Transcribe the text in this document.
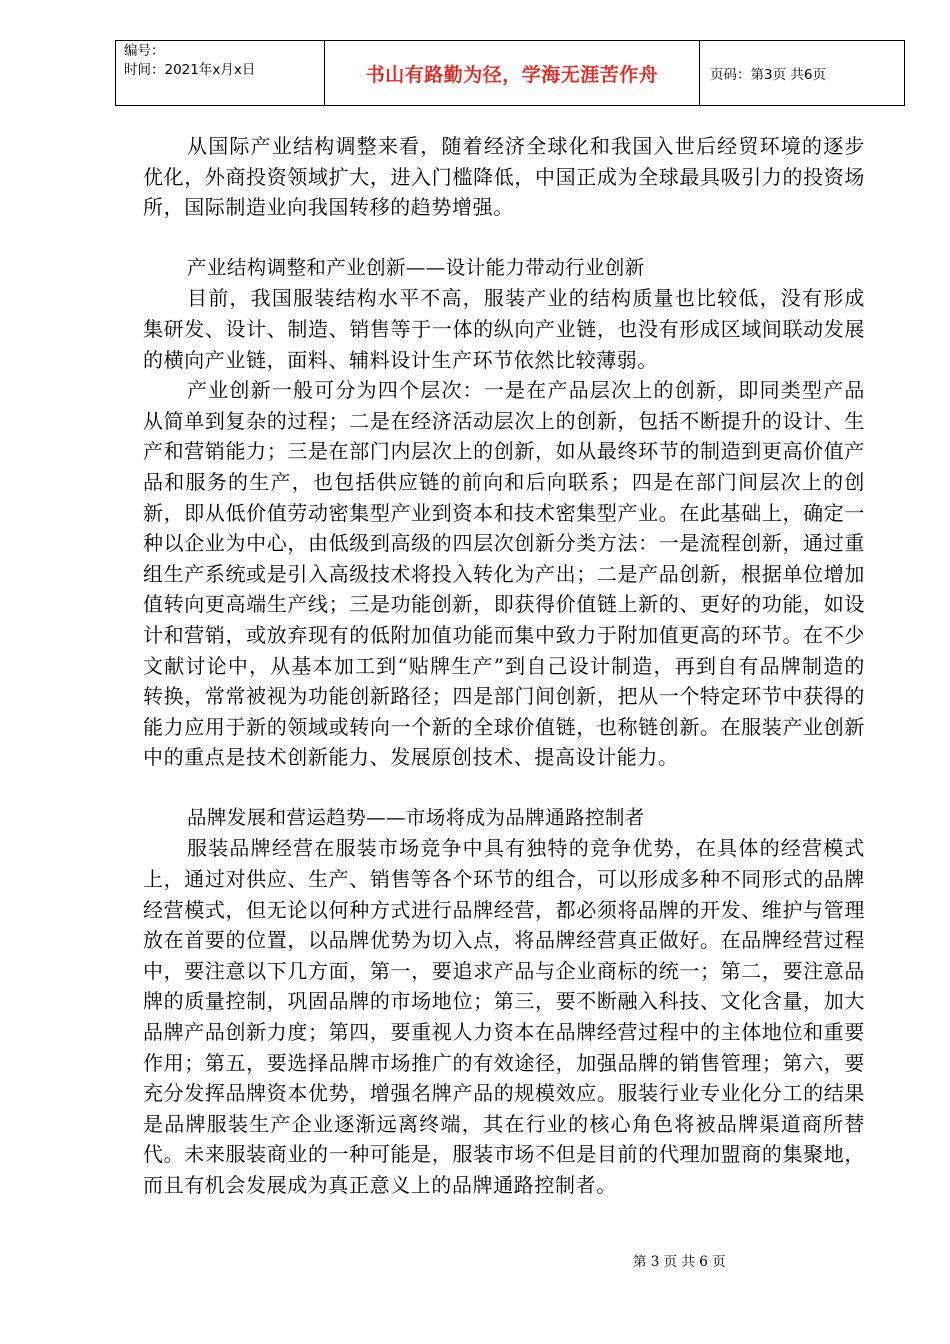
编号：
时间：2021年x月x日	书山有路勤为径，学海无涯苦作舟	页码：第3页 共6页

从国际产业结构调整来看，随着经济全球化和我国入世后经贸环境的逐步优化，外商投资领域扩大，进入门槛降低，中国正成为全球最具吸引力的投资场所，国际制造业向我国转移的趋势增强。

产业结构调整和产业创新——设计能力带动行业创新

目前，我国服装结构水平不高，服装产业的结构质量也比较低，没有形成集研发、设计、制造、销售等于一体的纵向产业链，也没有形成区域间联动发展的横向产业链，面料、辅料设计生产环节依然比较薄弱。

产业创新一般可分为四个层次：一是在产品层次上的创新，即同类型产品从简单到复杂的过程；二是在经济活动层次上的创新，包括不断提升的设计、生产和营销能力；三是在部门内层次上的创新，如从最终环节的制造到更高价值产品和服务的生产，也包括供应链的前向和后向联系；四是在部门间层次上的创新，即从低价值劳动密集型产业到资本和技术密集型产业。在此基础上，确定一种以企业为中心，由低级到高级的四层次创新分类方法：一是流程创新，通过重组生产系统或是引入高级技术将投入转化为产出；二是产品创新，根据单位增加值转向更高端生产线；三是功能创新，即获得价值链上新的、更好的功能，如设计和营销，或放弃现有的低附加值功能而集中致力于附加值更高的环节。在不少文献讨论中，从基本加工到“贴牌生产”到自己设计制造，再到自有品牌制造的转换，常常被视为功能创新路径；四是部门间创新，把从一个特定环节中获得的能力应用于新的领域或转向一个新的全球价值链，也称链创新。在服装产业创新中的重点是技术创新能力、发展原创技术、提高设计能力。

品牌发展和营运趋势——市场将成为品牌通路控制者

服装品牌经营在服装市场竞争中具有独特的竞争优势，在具体的经营模式上，通过对供应、生产、销售等各个环节的组合，可以形成多种不同形式的品牌经营模式，但无论以何种方式进行品牌经营，都必须将品牌的开发、维护与管理放在首要的位置，以品牌优势为切入点，将品牌经营真正做好。在品牌经营过程中，要注意以下几方面，第一，要追求产品与企业商标的统一；第二，要注意品牌的质量控制，巩固品牌的市场地位；第三，要不断融入科技、文化含量，加大品牌产品创新力度；第四，要重视人力资本在品牌经营过程中的主体地位和重要作用；第五，要选择品牌市场推广的有效途径，加强品牌的销售管理；第六，要充分发挥品牌资本优势，增强名牌产品的规模效应。服装行业专业化分工的结果是品牌服装生产企业逐渐远离终端，其在行业的核心角色将被品牌渠道商所替代。未来服装商业的一种可能是，服装市场不但是目前的代理加盟商的集聚地，而且有机会发展成为真正意义上的品牌通路控制者。

第 3 页 共 6 页
